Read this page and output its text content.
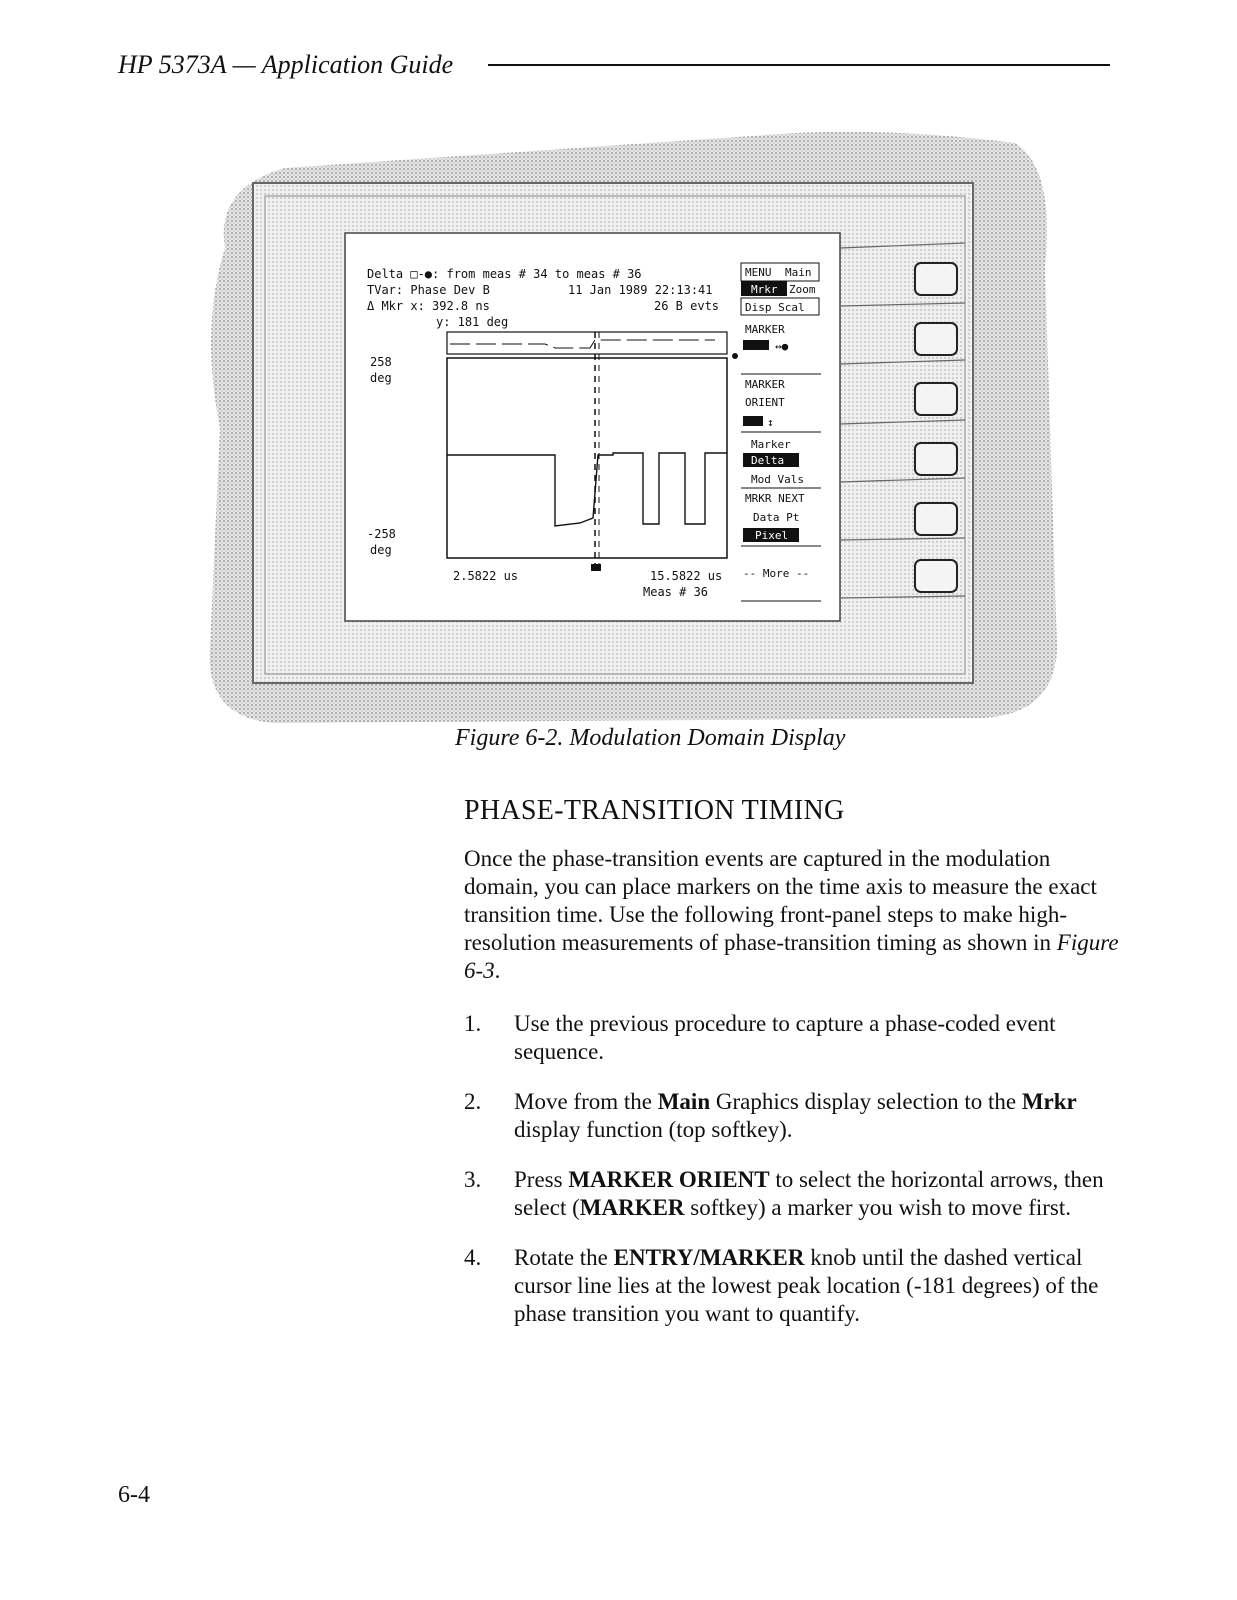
HP 5373A — Application Guide
Delta □-●: from meas # 34 to meas # 36
TVar: Phase Dev B	11 Jan 1989 22:13:41
Δ Mkr x: 392.8 ns	26 B evts
y: 181 deg
258
deg
-258
deg
2.5822 us	15.5822 us
Meas # 36
MENU Main
Mrkr Zoom
Disp Scal
MARKER
↔●
MARKER
ORIENT
↕
Marker
Delta
Mod Vals
MRKR NEXT
Data Pt
Pixel
-- More --
Figure 6-2. Modulation Domain Display
PHASE-TRANSITION TIMING

Once the phase-transition events are captured in the modulation domain, you can place markers on the time axis to measure the exact transition time. Use the following front-panel steps to make high-resolution measurements of phase-transition timing as shown in Figure 6-3.

1. Use the previous procedure to capture a phase-coded event sequence.
2. Move from the Main Graphics display selection to the Mrkr display function (top softkey).
3. Press MARKER ORIENT to select the horizontal arrows, then select (MARKER softkey) a marker you wish to move first.
4. Rotate the ENTRY/MARKER knob until the dashed vertical cursor line lies at the lowest peak location (-181 degrees) of the phase transition you want to quantify.
6-4
